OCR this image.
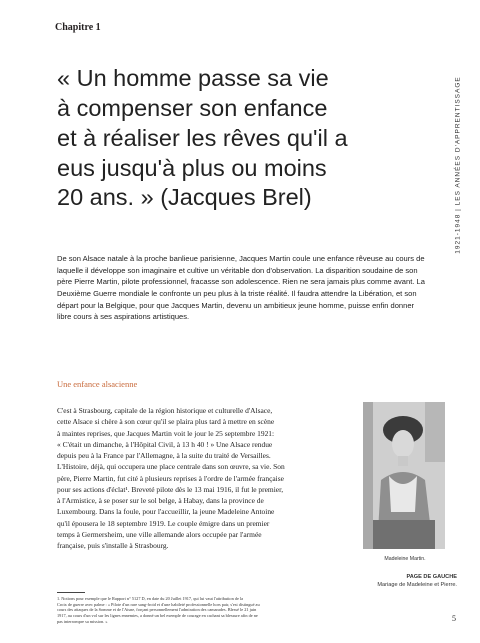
Chapitre 1
1921-1948 | LES ANNÉES D'APPRENTISSAGE
« Un homme passe sa vie
à compenser son enfance
et à réaliser les rêves qu'il a
eus jusqu'à plus ou moins
20 ans. » (Jacques Brel)
De son Alsace natale à la proche banlieue parisienne, Jacques Martin coule une enfance rêveuse au cours de
laquelle il développe son imaginaire et cultive un véritable don d'observation. La disparition soudaine de son
père Pierre Martin, pilote professionnel, fracasse son adolescence. Rien ne sera jamais plus comme avant. La
Deuxième Guerre mondiale le confronte un peu plus à la triste réalité. Il faudra attendre la Libération, et son
départ pour la Belgique, pour que Jacques Martin, devenu un ambitieux jeune homme, puisse enfin donner
libre cours à ses aspirations artistiques.
Une enfance alsacienne
C'est à Strasbourg, capitale de la région historique et culturelle d'Alsace,
cette Alsace si chère à son cœur qu'il se plaira plus tard à mettre en scène
à maintes reprises, que Jacques Martin voit le jour le 25 septembre 1921:
« C'était un dimanche, à l'Hôpital Civil, à 13 h 40 ! » Une Alsace rendue
depuis peu à la France par l'Allemagne, à la suite du traité de Versailles.
L'Histoire, déjà, qui occupera une place centrale dans son œuvre, sa vie. Son
père, Pierre Martin, fut cité à plusieurs reprises à l'ordre de l'armée française
pour ses actions d'éclat¹. Breveté pilote dès le 13 mai 1916, il fut le premier,
à l'Armistice, à se poser sur le sol belge, à Habay, dans la province de
Luxembourg. Dans la foule, pour l'accueillir, la jeune Madeleine Antoine
qu'il épousera le 18 septembre 1919. Le couple émigre dans un premier
temps à Germersheim, une ville allemande alors occupée par l'armée
française, puis s'installe à Strasbourg.
Madeleine Martin.
PAGE DE GAUCHE
Mariage de Madeleine et Pierre.
1. Notions pour exemple que le Rapport n° 5127 D, en date du 20 Juillet 1917, qui lui vaut l'attribution de la
Croix de guerre avec palme : « Pilote d'un rare sang-froid et d'une habileté professionnelle hors pair, s'est distingué au
cours des attaques de la Somme et de l'Aisne, forçant personnellement l'admiration des camarades. Blessé le 21 juin
1917, au cours d'un vol sur les lignes ennemies, a donné un bel exemple de courage en cachant sa blessure afin de ne
pas interrompre sa mission. »	5
